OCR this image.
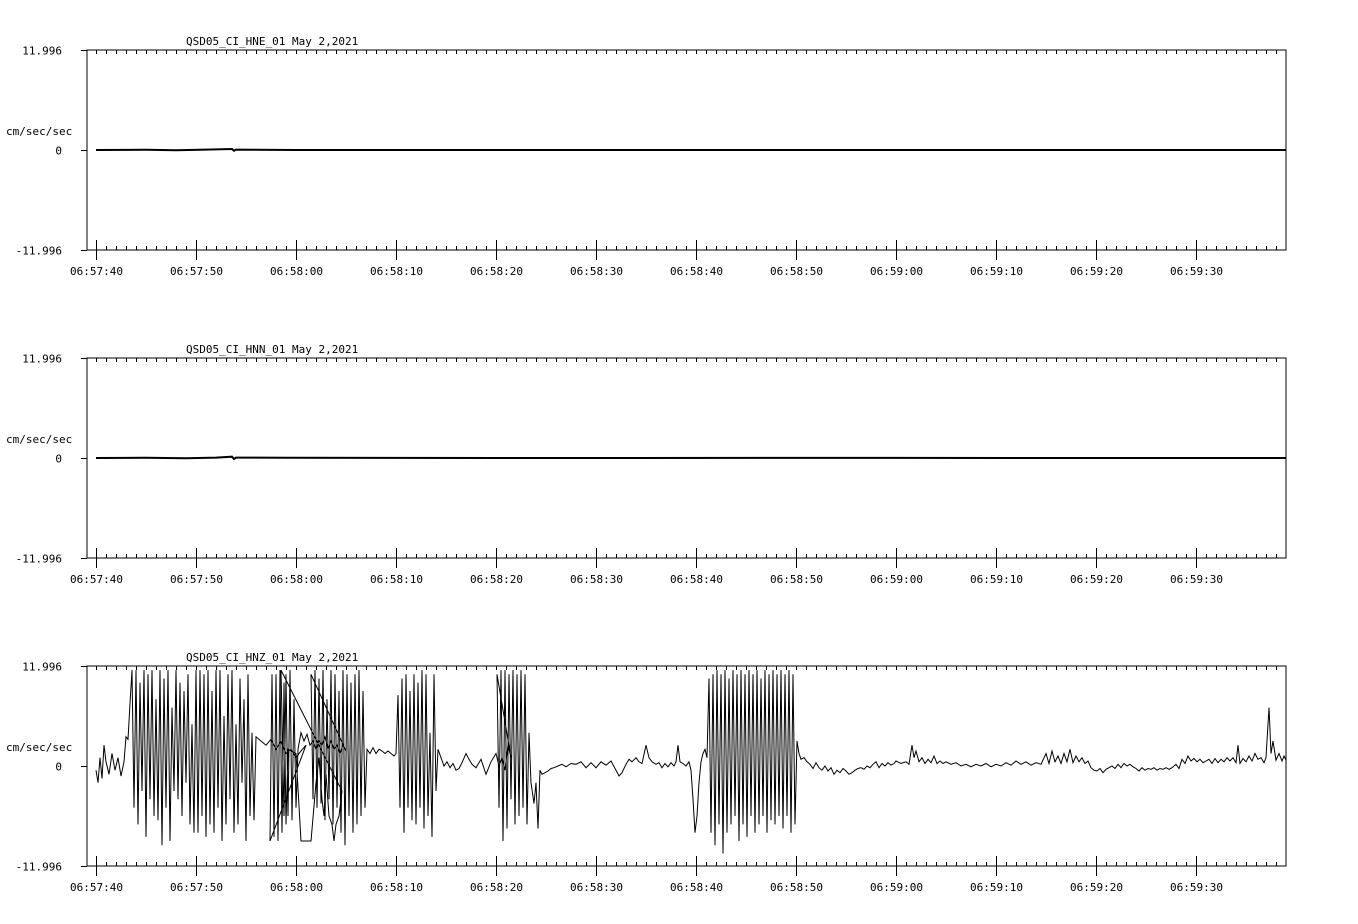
06:57:40	06:57:50	06:58:00	06:58:10	06:58:20	06:58:30	06:58:40	06:58:50	06:59:00	06:59:10	06:59:20	06:59:30
11.996
0
-11.996
cm/sec/sec
QSD05_CI_HNE_01 May 2,2021
06:57:40	06:57:50	06:58:00	06:58:10	06:58:20	06:58:30	06:58:40	06:58:50	06:59:00	06:59:10	06:59:20	06:59:30
11.996
0
-11.996
cm/sec/sec
QSD05_CI_HNN_01 May 2,2021
06:57:40	06:57:50	06:58:00	06:58:10	06:58:20	06:58:30	06:58:40	06:58:50	06:59:00	06:59:10	06:59:20	06:59:30
11.996
0
-11.996
cm/sec/sec
QSD05_CI_HNZ_01 May 2,2021
